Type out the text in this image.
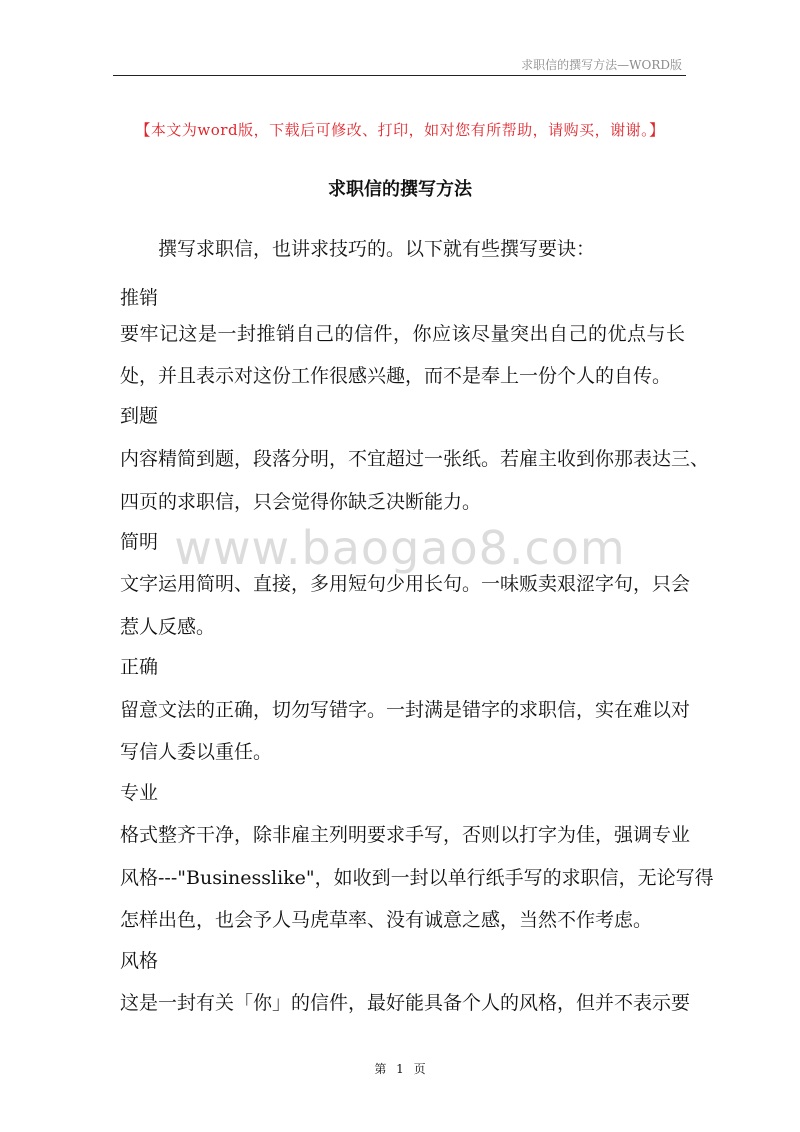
求职信的撰写方法—WORD版
【本文为word版，下载后可修改、打印，如对您有所帮助，请购买，谢谢。】
求职信的撰写方法
www.baogao8.com
撰写求职信，也讲求技巧的。以下就有些撰写要诀：
推销
要牢记这是一封推销自己的信件，你应该尽量突出自己的优点与长
处，并且表示对这份工作很感兴趣，而不是奉上一份个人的自传。
到题
内容精简到题，段落分明，不宜超过一张纸。若雇主收到你那表达三、
四页的求职信，只会觉得你缺乏决断能力。
简明
文字运用简明、直接，多用短句少用长句。一味贩卖艰涩字句，只会
惹人反感。
正确
留意文法的正确，切勿写错字。一封满是错字的求职信，实在难以对
写信人委以重任。
专业
格式整齐干净，除非雇主列明要求手写，否则以打字为佳，强调专业
风格---"Businesslike"，如收到一封以单行纸手写的求职信，无论写得
怎样出色，也会予人马虎草率、没有诚意之感，当然不作考虑。
风格
这是一封有关「你」的信件，最好能具备个人的风格，但并不表示要
第 1 页
